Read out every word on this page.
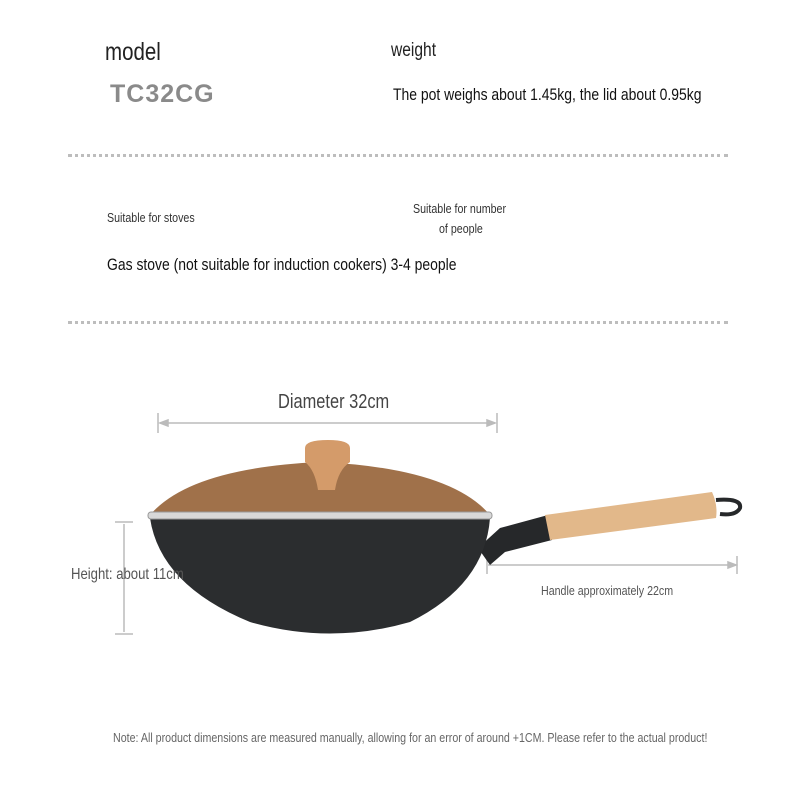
model
TC32CG
weight
The pot weighs about 1.45kg, the lid about 0.95kg
Suitable for stoves
Suitable for number
of people
Gas stove (not suitable for induction cookers) 3-4 people
Diameter 32cm
Height: about 11cm
Handle approximately 22cm
Note: All product dimensions are measured manually, allowing for an error of around +1CM. Please refer to the actual product!
